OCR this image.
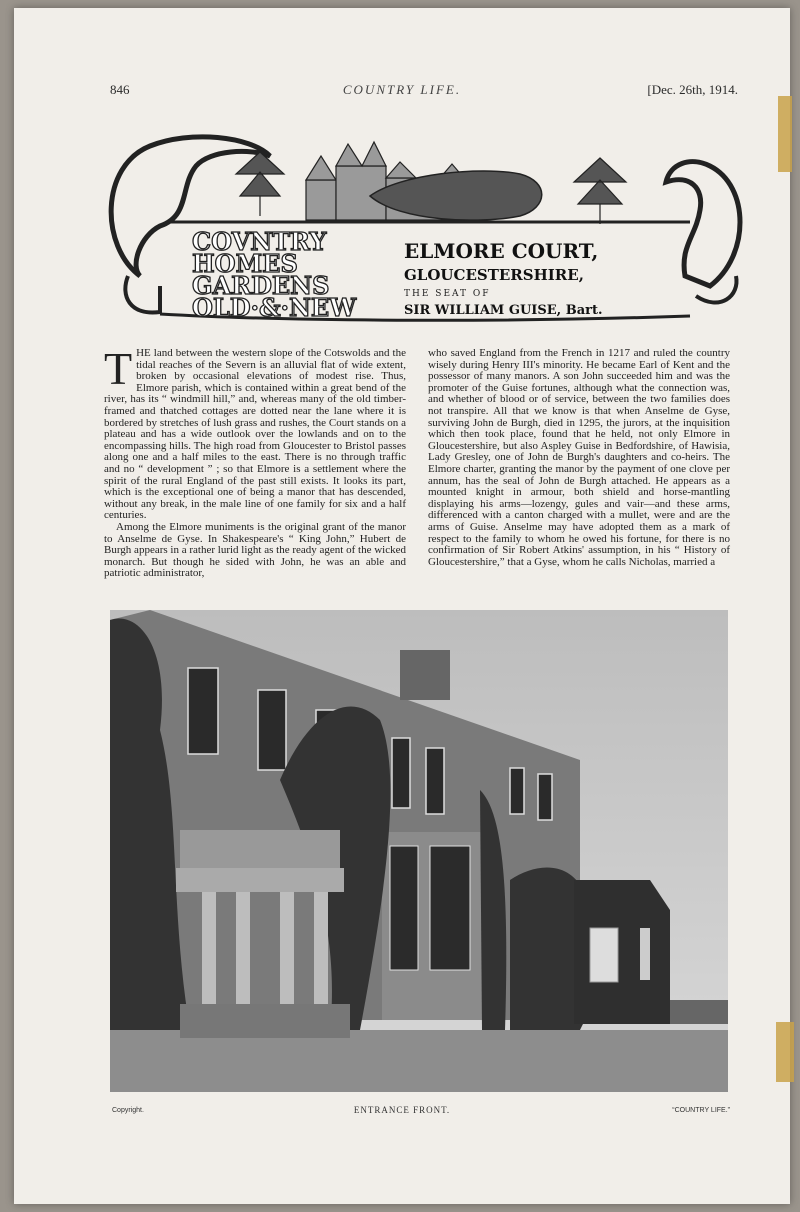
846	COUNTRY LIFE.	[Dec. 26th, 1914.
COVNTRY
HOMES
GARDENS
OLD·&·NEW
ELMORE COURT,
GLOUCESTERSHIRE,
THE SEAT OF
SIR WILLIAM GUISE, Bart.

THE land between the western slope of the Cotswolds and the tidal reaches of the Severn is an alluvial flat of wide extent, broken by occasional elevations of modest rise. Thus, Elmore parish, which is contained within a great bend of the river, has its “ windmill hill,” and, whereas many of the old timber-framed and thatched cottages are dotted near the lane where it is bordered by stretches of lush grass and rushes, the Court stands on a plateau and has a wide outlook over the lowlands and on to the encompassing hills. The high road from Gloucester to Bristol passes along one and a half miles to the east. There is no through traffic and no “ development ” ; so that Elmore is a settlement where the spirit of the rural England of the past still exists. It looks its part, which is the exceptional one of being a manor that has descended, without any break, in the male line of one family for six and a half centuries.

Among the Elmore muniments is the original grant of the manor to Anselme de Gyse. In Shakespeare's “ King John,” Hubert de Burgh appears in a rather lurid light as the ready agent of the wicked monarch. But though he sided with John, he was an able and patriotic administrator,

who saved England from the French in 1217 and ruled the country wisely during Henry III's minority. He became Earl of Kent and the possessor of many manors. A son John succeeded him and was the promoter of the Guise fortunes, although what the connection was, and whether of blood or of service, between the two families does not transpire. All that we know is that when Anselme de Gyse, surviving John de Burgh, died in 1295, the jurors, at the inquisition which then took place, found that he held, not only Elmore in Gloucestershire, but also Aspley Guise in Bedfordshire, of Hawisia, Lady Gresley, one of John de Burgh's daughters and co-heirs. The Elmore charter, granting the manor by the payment of one clove per annum, has the seal of John de Burgh attached. He appears as a mounted knight in armour, both shield and horse-mantling displaying his arms—lozengy, gules and vair—and these arms, differenced with a canton charged with a mullet, were and are the arms of Guise. Anselme may have adopted them as a mark of respect to the family to whom he owed his fortune, for there is no confirmation of Sir Robert Atkins' assumption, in his “ History of Gloucestershire,” that a Gyse, whom he calls Nicholas, married a

Copyright.	ENTRANCE FRONT.	“COUNTRY LIFE.”
